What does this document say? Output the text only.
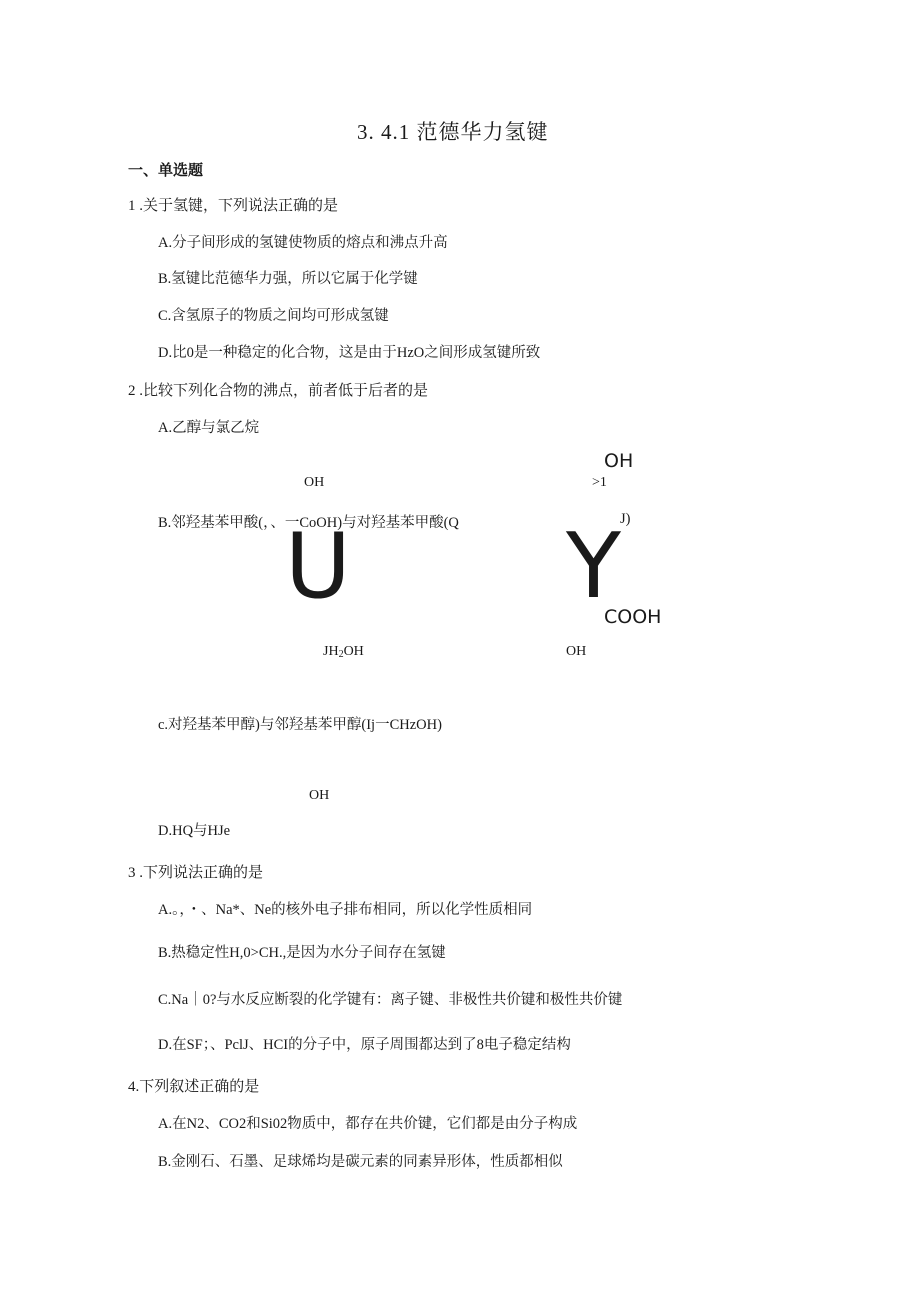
3. 4.1 范德华力氢键
一、单选题
1 .关于氢键，下列说法正确的是
A.分子间形成的氢键使物质的熔点和沸点升高
B.氢键比范德华力强，所以它属于化学键
C.含氢原子的物质之间均可形成氢键
D.比0是一种稳定的化合物，这是由于HzO之间形成氢键所致
2 .比较下列化合物的沸点，前者低于后者的是
A.乙醇与氯乙烷
OH
OH	>1
B.邻羟基苯甲酸(，、一CoOH)与对羟基苯甲酸(Q	J)
U Y
COOH
$JH_2OH$	OH
c.对羟基苯甲醇)与邻羟基苯甲醇(Ij一CHzOH)
OH
D.HQ与HJe
3 .下列说法正确的是
A.。，・、Na*、Ne的核外电子排布相同，所以化学性质相同
B.热稳定性H,0>CH.,是因为水分子间存在氢键
C.Na｜0?与水反应断裂的化学键有：离子键、非极性共价键和极性共价键
D.在SF；、PclJ、HCI的分子中，原子周围都达到了8电子稳定结构
4.下列叙述正确的是
A.在N2、CO2和Si02物质中，都存在共价键，它们都是由分子构成
B.金刚石、石墨、足球烯均是碳元素的同素异形体，性质都相似
